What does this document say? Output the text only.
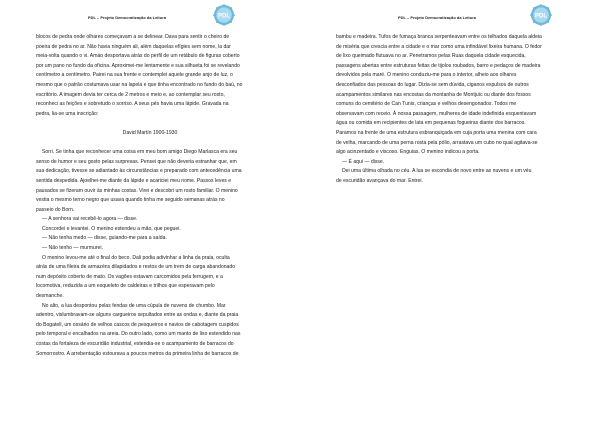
PDL – Projeto Democratização da Leitura	PDL

blocos de pedra onde olhares começavam a se delinear. Dava para sentir o cheiro de

poeira de pedra no ar. Não havia ninguém ali, além daquelas efígies sem nome, la dar

meia-volta quando o vi. Amáo desportava atrás do perfil de um retábulo de figuras coberto

por um pano no fundo da oficina. Aproximei-me lentamente e sua silhueta foi se revelando

centímetro a centímetro. Pairei na sua frente e contemplei aquele grande anjo de luz, o

mesmo que o patrão costumava usar na lapela e que tinha encontrado no fundo do baú, no

escritório. A imagem devia ter cerca de 2 metros e meio e, ao contemplar seu rosto,

reconheci as feições e sobretudo o sorriso. A seus pés havia uma lápide. Gravada na

pedra, lia-se uma inscrição:

David Martín 1900-1930

Sorri. Se tinha que reconhecer uma coisa em meu bom amigo Diego Marlasca era seu

senso de humor e seu gosto pelas surpresas. Pensei que não deveria estranhar que, em

sua dedicação, tivesse se adiantado às circunstâncias e preparado com antecedência uma

sentida despedida. Ajoelhei-me diante da lápide e acariciei meu nome. Passos leves e

pausados se fizeram ouvir às minhas costas. Virei e descobri um rosto familiar. O menino

vestia o mesmo terno negro que usava quando tinha me seguido semanas atrás no

passeio do Born.

— A senhora vai recebê-lo agora — disse.

Concordei e levantei. O menino estendeu a mão, que peguei.

— Não tenha medo — disse, guiando-me para a saída.

— Não tenho — murmurei.

O menino levou-me até o final do beco. Dali podia adivinhar a linha da praia, oculta

atrás de uma fileira de armazéns dilapidados e restos de um trem de carga abandonado

num depósito coberto de mato. Os vagões estavam carcomidos pela ferrugem, e a

locomotiva, reduzida a um esqueleto de caldeiras e trilhos que esperavam pelo

desmanche.

No alto, a lua despontou pelas fendas de uma cúpula de nuvens de chumbo. Mar

adentro, vislumbravam-se alguns cargueiros sepultados entre as ondas e, diante da praia

do Bogatell, um ossário de velhos cascos de pesqueiros e navios de cabotagem cuspidos

pelo temporal e encalhados na areia. Do outro lado, como um manto de lixo estendido nas

costas da fortaleza de escuridão industrial, estendia-se o acampamento de barracos do

Somorrostro. A arrebentação estourava a poucos metros da primeira linha de barracos de

PDL – Projeto Democratização da Leitura	PDL

bambu e madeira. Tufos de fumaça branca serpenteavam entre os telhados daquela aldeia

de miséria que crescia entre a cidade e o mar como uma infindável lixeira humana. O fedor

de lixo queimado flutuava no ar. Penetramos pelas Ruas daquela cidade esquecida,

passagens abertas entre estruturas feitas de tijolos roubados, barro e pedaços de madeira

devolvidos pela maré. O menino conduziu-me para o interior, alheio aos olhares

desconfiados das pessoas do lugar. Dizia-se sem dúvida, ciganos expulsos de outros

acampamentos similares nas encostas da montanha de Montjuïc ou diante dos fossos

comuns do cemitério de Can Tunis, crianças e velhos desengonados. Todos me

observavam com receio. À nossa passagem, mulheres de idade indefinida esquentavam

água ou comida em recipientes de lata em pequenas fogueiras diante dos barracos.

Paramos na frente de uma estrutura esbranquiçada em cuja porta uma menina com cara

de velha, marcando de uma perna rosta pela pólio, arrastava um cubo no qual agitava-se

algo acinzentado e viscoso. Enguias. O menino indicou a porta.

— É aqui — disse.

Dei uma última olhada no céu. A lua se escondia de novo entre as nuvens e um véu

de escuridão avançava do mar. Entrei.
